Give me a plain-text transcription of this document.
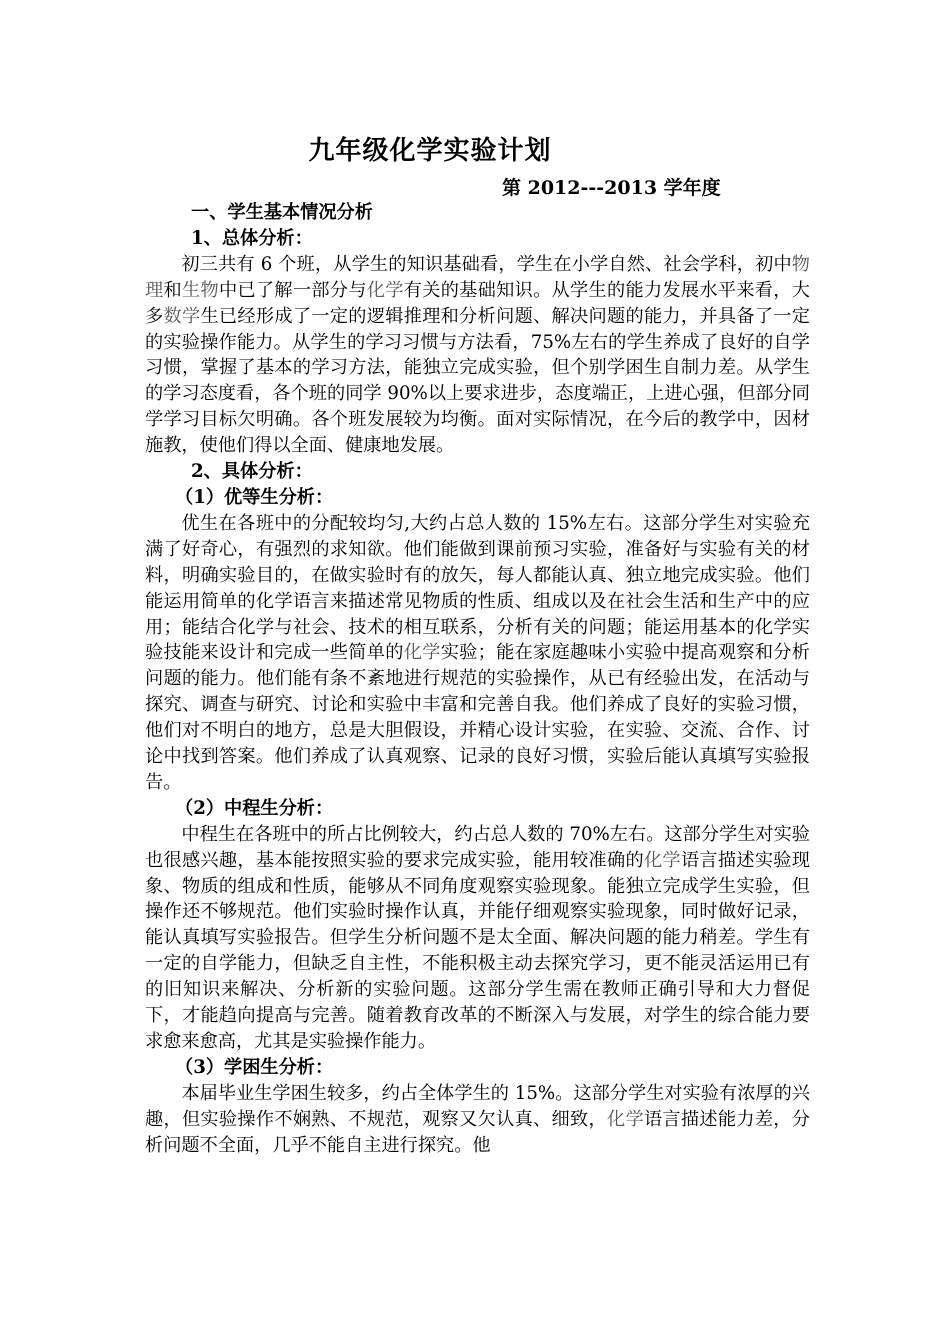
九年级化学实验计划
第 2012---2013 学年度
一、学生基本情况分析
1、总体分析：

初三共有 6 个班，从学生的知识基础看，学生在小学自然、社会学科，初中物理和生物中已了解一部分与化学有关的基础知识。从学生的能力发展水平来看，大多数学生已经形成了一定的逻辑推理和分析问题、解决问题的能力，并具备了一定的实验操作能力。从学生的学习习惯与方法看，75%左右的学生养成了良好的自学习惯，掌握了基本的学习方法，能独立完成实验，但个别学困生自制力差。从学生的学习态度看，各个班的同学 90%以上要求进步，态度端正，上进心强，但部分同学学习目标欠明确。各个班发展较为均衡。面对实际情况，在今后的教学中，因材施教，使他们得以全面、健康地发展。

2、具体分析：
（1）优等生分析：

优生在各班中的分配较均匀,大约占总人数的 15%左右。这部分学生对实验充满了好奇心，有强烈的求知欲。他们能做到课前预习实验，准备好与实验有关的材料，明确实验目的，在做实验时有的放矢，每人都能认真、独立地完成实验。他们能运用简单的化学语言来描述常见物质的性质、组成以及在社会生活和生产中的应用；能结合化学与社会、技术的相互联系，分析有关的问题；能运用基本的化学实验技能来设计和完成一些简单的化学实验；能在家庭趣味小实验中提高观察和分析问题的能力。他们能有条不紊地进行规范的实验操作，从已有经验出发，在活动与探究、调查与研究、讨论和实验中丰富和完善自我。他们养成了良好的实验习惯，他们对不明白的地方，总是大胆假设，并精心设计实验，在实验、交流、合作、讨论中找到答案。他们养成了认真观察、记录的良好习惯，实验后能认真填写实验报告。

（2）中程生分析：

中程生在各班中的所占比例较大，约占总人数的 70%左右。这部分学生对实验也很感兴趣，基本能按照实验的要求完成实验，能用较准确的化学语言描述实验现象、物质的组成和性质，能够从不同角度观察实验现象。能独立完成学生实验，但操作还不够规范。他们实验时操作认真，并能仔细观察实验现象，同时做好记录，能认真填写实验报告。但学生分析问题不是太全面、解决问题的能力稍差。学生有一定的自学能力，但缺乏自主性，不能积极主动去探究学习，更不能灵活运用已有的旧知识来解决、分析新的实验问题。这部分学生需在教师正确引导和大力督促下，才能趋向提高与完善。随着教育改革的不断深入与发展，对学生的综合能力要求愈来愈高，尤其是实验操作能力。

（3）学困生分析：

本届毕业生学困生较多，约占全体学生的 15%。这部分学生对实验有浓厚的兴趣，但实验操作不娴熟、不规范，观察又欠认真、细致，化学语言描述能力差，分析问题不全面，几乎不能自主进行探究。他
